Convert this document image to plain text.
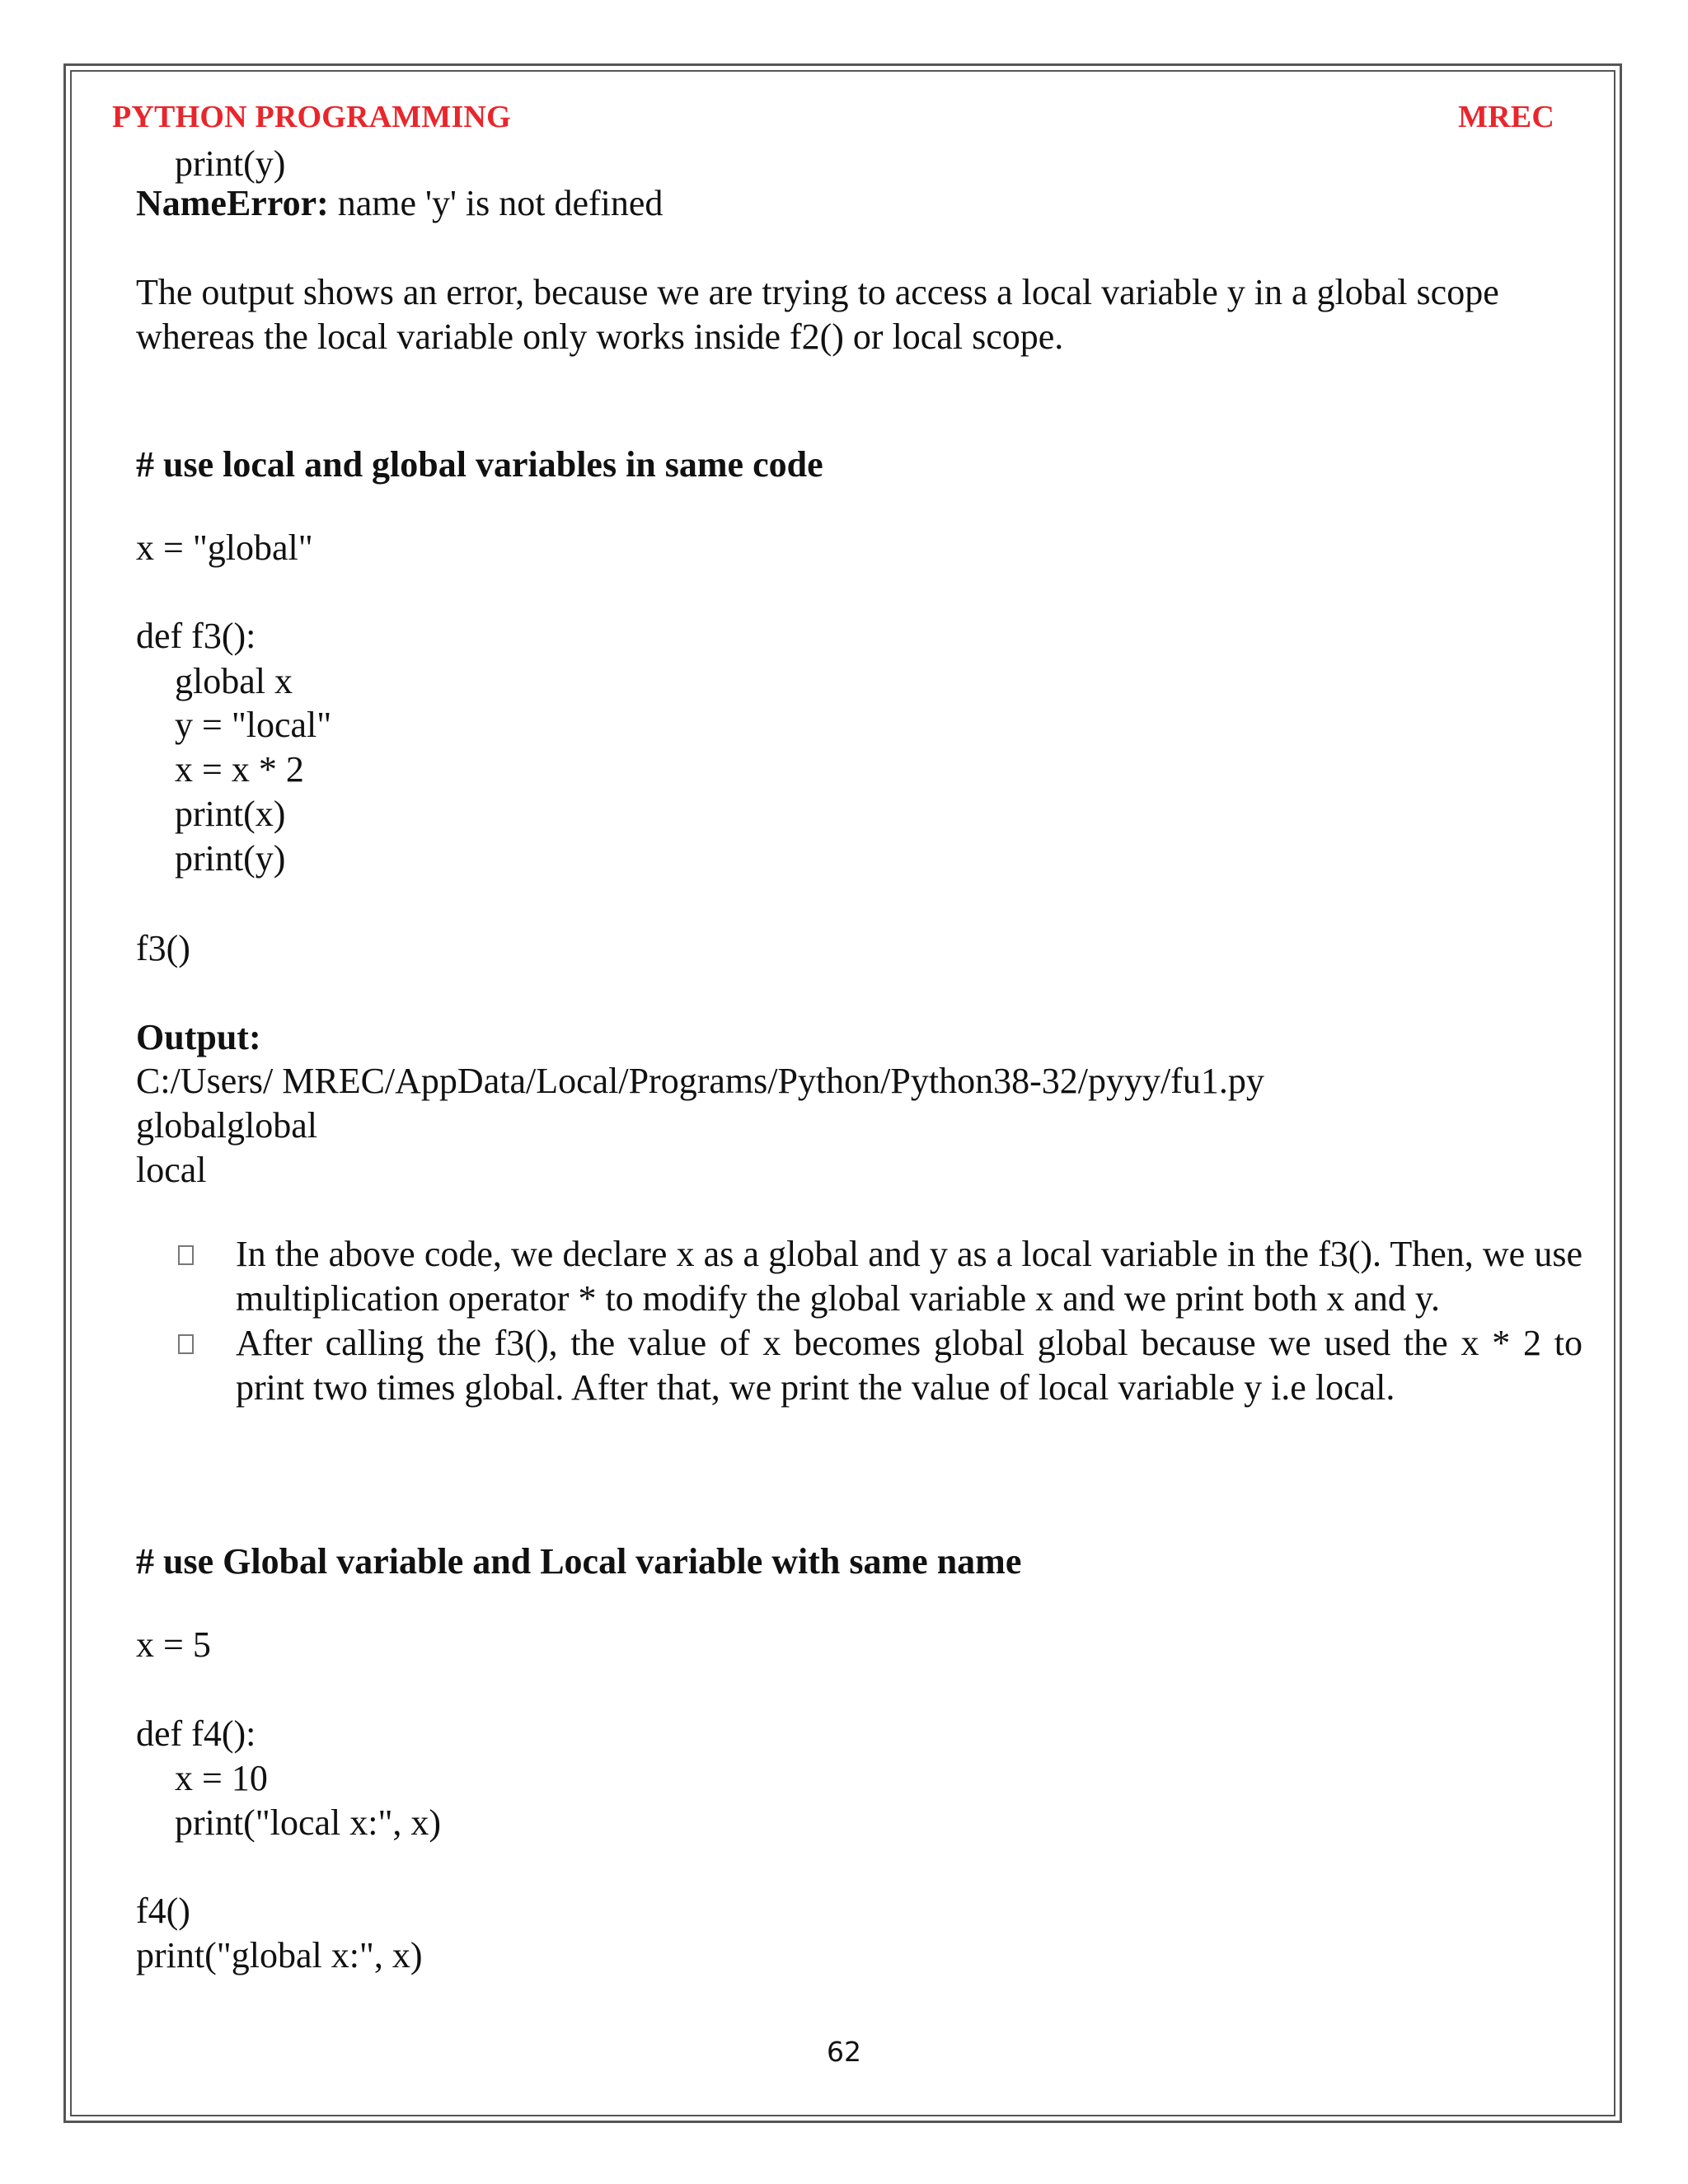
PYTHON PROGRAMMING	MREC
print(y)
NameError: name 'y' is not defined
The output shows an error, because we are trying to access a local variable y in a global scope whereas the local variable only works inside f2() or local scope.
# use local and global variables in same code
x = "global"
def f3():
global x
y = "local"
x = x * 2
print(x)
print(y)
f3()
Output:
C:/Users/ MREC/AppData/Local/Programs/Python/Python38-32/pyyy/fu1.py
globalglobal
local
In the above code, we declare x as a global and y as a local variable in the f3(). Then, we use multiplication operator * to modify the global variable x and we print both x and y.
After calling the f3(), the value of x becomes global global because we used the x * 2 to print two times global. After that, we print the value of local variable y i.e local.
# use Global variable and Local variable with same name
x = 5
def f4():
x = 10
print("local x:", x)
f4()
print("global x:", x)
62
